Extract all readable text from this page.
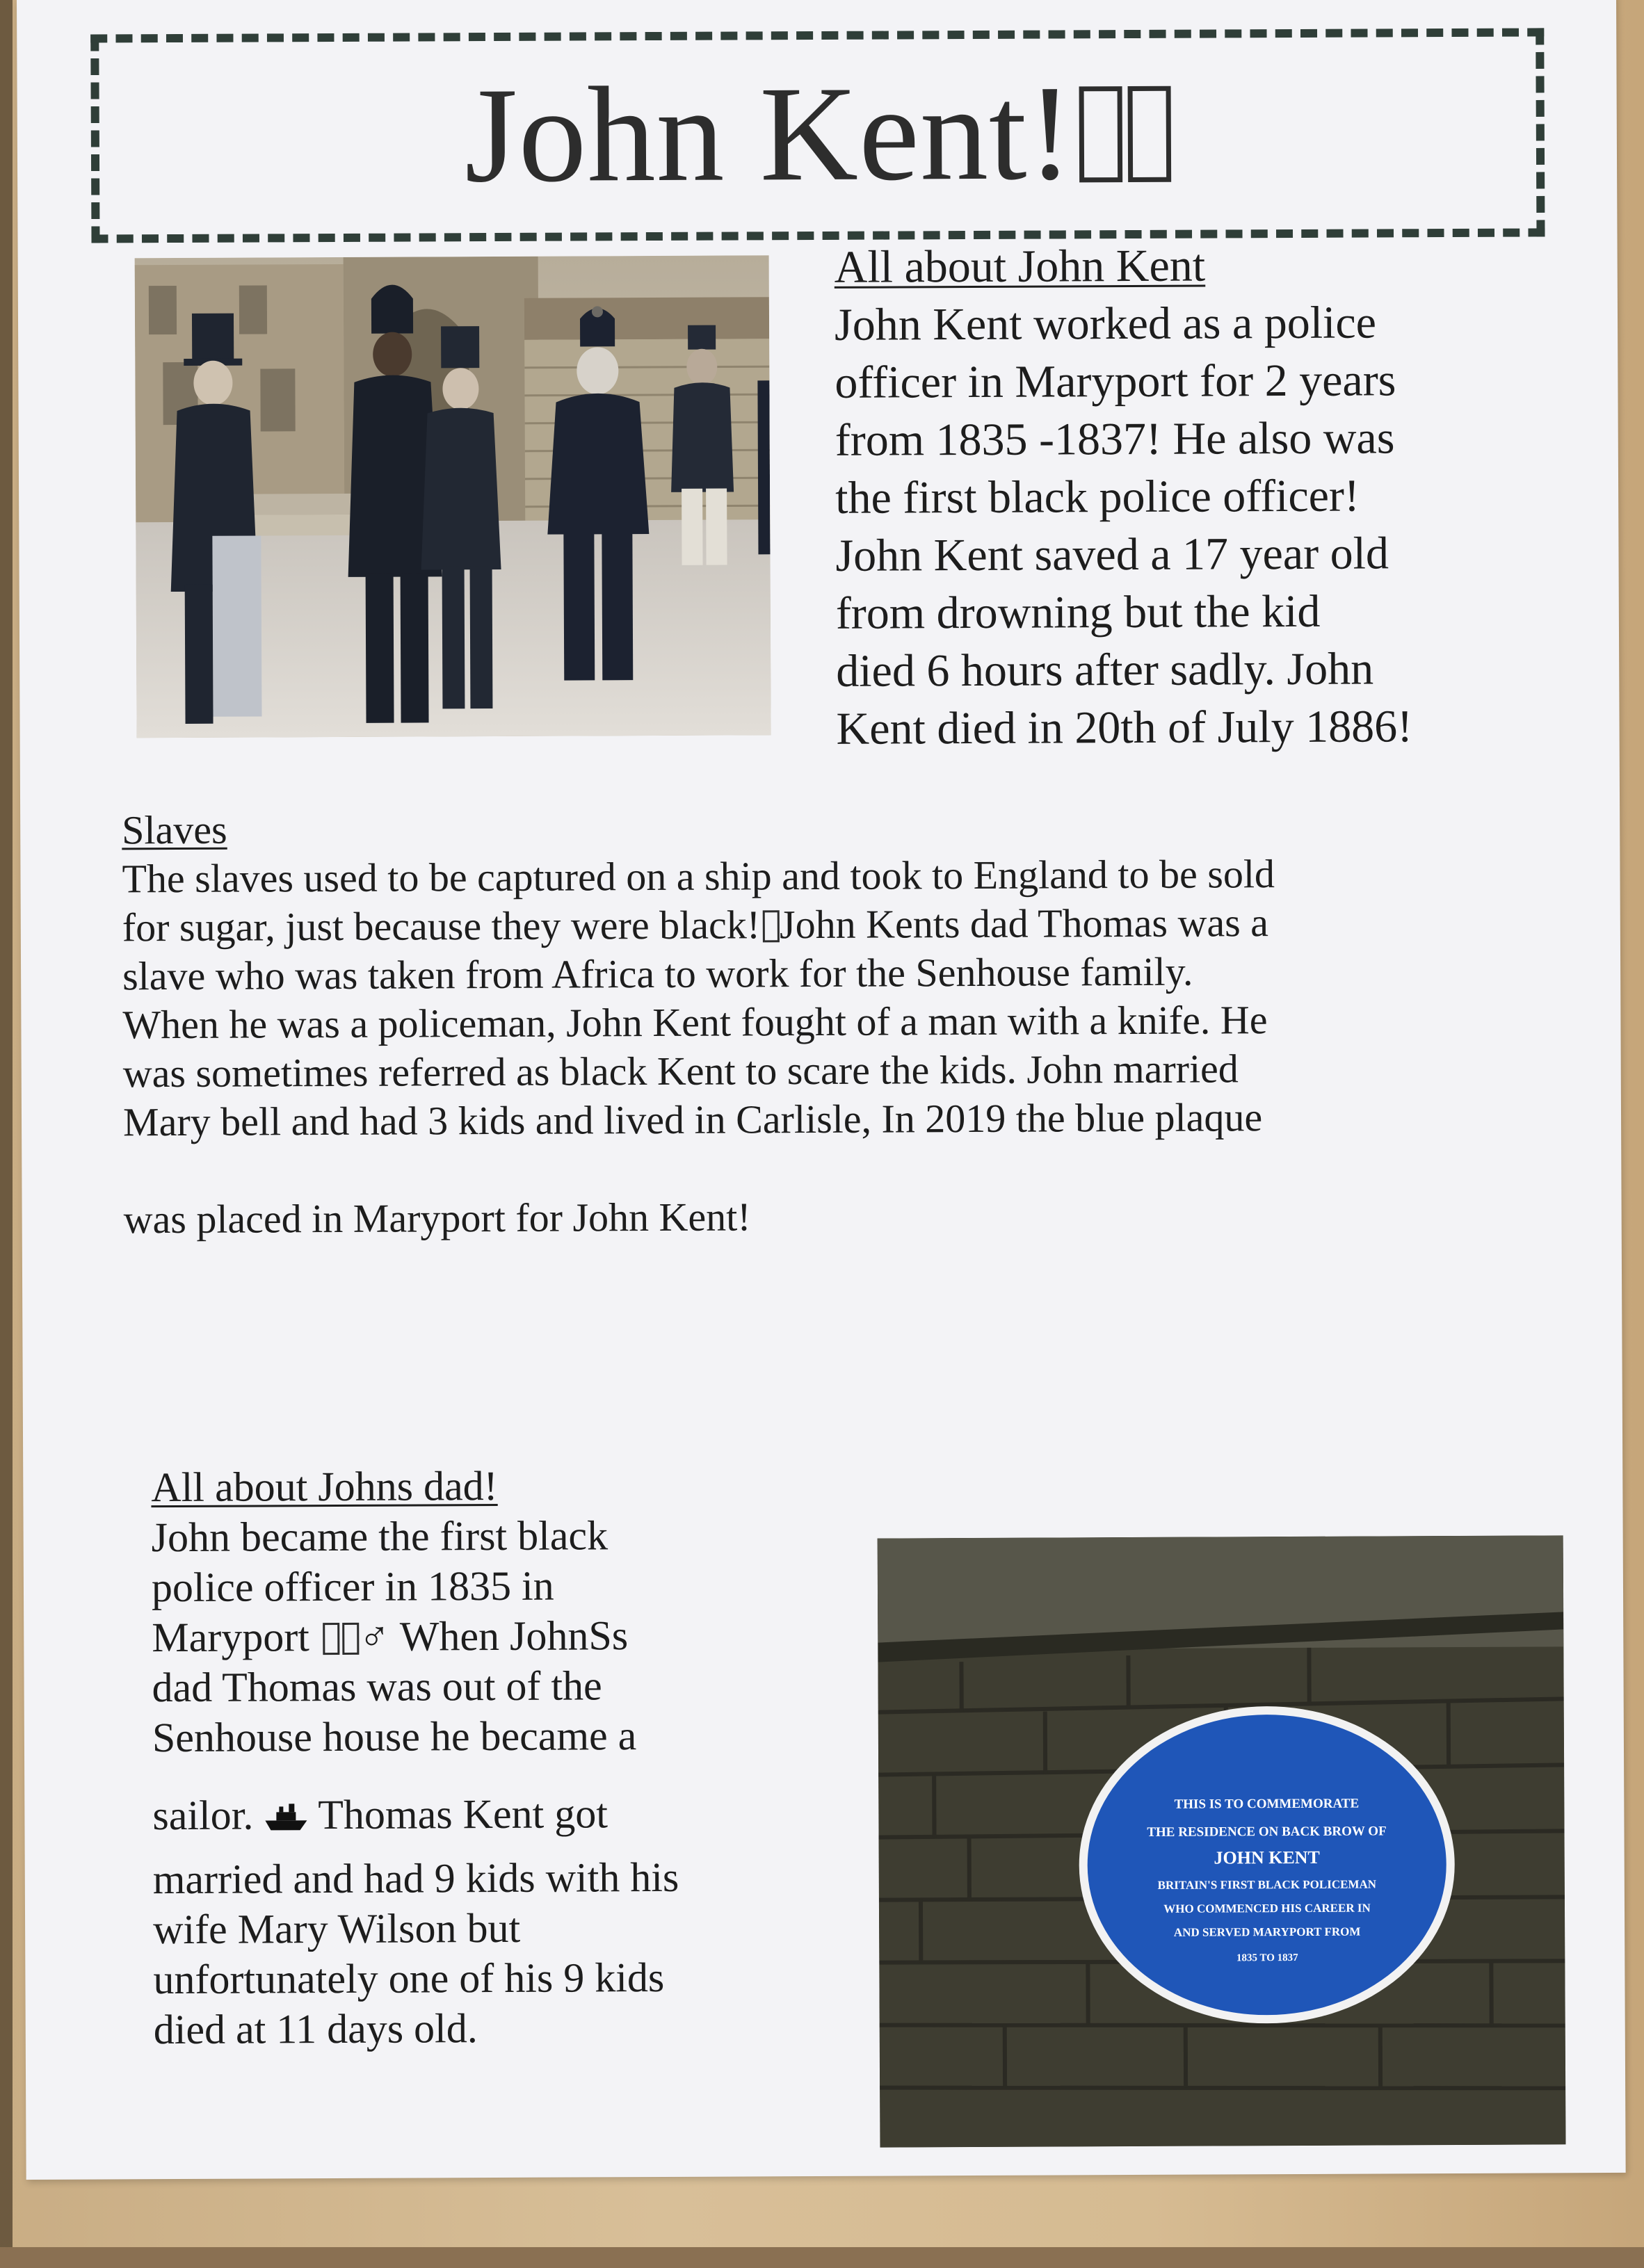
John Kent!
All about John Kent

John Kent worked as a police

officer in Maryport for 2 years

from 1835 -1837! He also was

the first black police officer!

John Kent saved a 17 year old

from drowning but the kid

died 6 hours after sadly. John

Kent died in 20th of July 1886!

Slaves

The slaves used to be captured on a ship and took to England to be sold

for sugar, just because they were black! John Kents dad Thomas was a

slave who was taken from Africa to work for the Senhouse family.

When he was a policeman, John Kent fought of a man with a knife. He

was sometimes referred as black Kent to scare the kids. John married

Mary bell and had 3 kids and lived in Carlisle, In 2019 the blue plaque

was placed in Maryport for John Kent!

All about Johns dad!

John became the first black

police officer in 1835 in

Maryport ♂ When JohnSs

dad Thomas was out of the

Senhouse house he became a

sailor. Thomas Kent got

married and had 9 kids with his

wife Mary Wilson but

unfortunately one of his 9 kids

died at 11 days old.

THIS IS TO COMMEMORATE
THE RESIDENCE ON BACK BROW OF
JOHN KENT
BRITAIN'S FIRST BLACK POLICEMAN
WHO COMMENCED HIS CAREER IN
AND SERVED MARYPORT FROM
1835 TO 1837
